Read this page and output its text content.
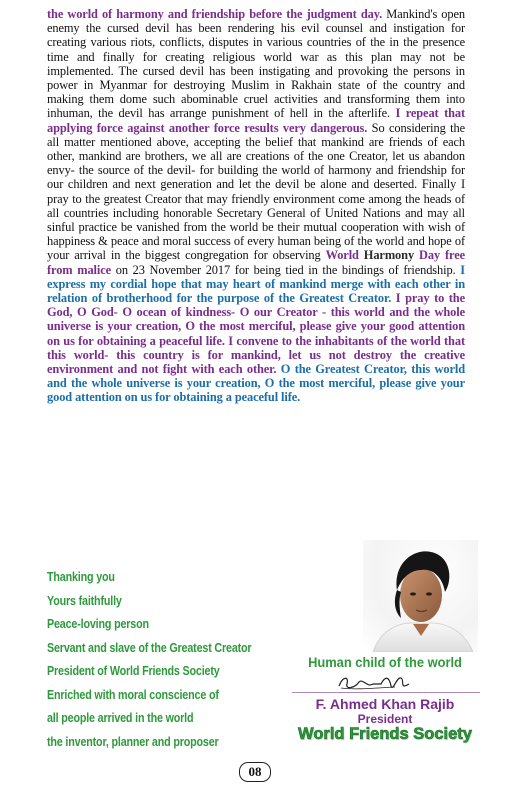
the world of harmony and friendship before the judgment day. Mankind's open enemy the cursed devil has been rendering his evil counsel and instigation for creating various riots, conflicts, disputes in various countries of the in the presence time and finally for creating religious world war as this plan may not be implemented. The cursed devil has been instigating and provoking the persons in power in Myanmar for destroying Muslim in Rakhain state of the country and making them dome such abominable cruel activities and transforming them into inhuman, the devil has arrange punishment of hell in the afterlife. I repeat that applying force against another force results very dangerous. So considering the all matter mentioned above, accepting the belief that mankind are friends of each other, mankind are brothers, we all are creations of the one Creator, let us abandon envy- the source of the devil- for building the world of harmony and friendship for our children and next generation and let the devil be alone and deserted. Finally I pray to the greatest Creator that may friendly environment come among the heads of all countries including honorable Secretary General of United Nations and may all sinful practice be vanished from the world be their mutual cooperation with wish of happiness & peace and moral success of every human being of the world and hope of your arrival in the biggest congregation for observing World Harmony Day free from malice on 23 November 2017 for being tied in the bindings of friendship. I express my cordial hope that may heart of mankind merge with each other in relation of brotherhood for the purpose of the Greatest Creator. I pray to the God, O God- O ocean of kindness- O our Creator - this world and the whole universe is your creation, O the most merciful, please give your good attention on us for obtaining a peaceful life. I convene to the inhabitants of the world that this world- this country is for mankind, let us not destroy the creative environment and not fight with each other. O the Greatest Creator, this world and the whole universe is your creation, O the most merciful, please give your good attention on us for obtaining a peaceful life.
Thanking you
Yours faithfully
Peace-loving person
Servant and slave of the Greatest Creator
President of World Friends Society
Enriched with moral conscience of
all people arrived in the world
the inventor, planner and proposer
Human child of the world
F. Ahmed Khan Rajib
President
World Friends Society
08
